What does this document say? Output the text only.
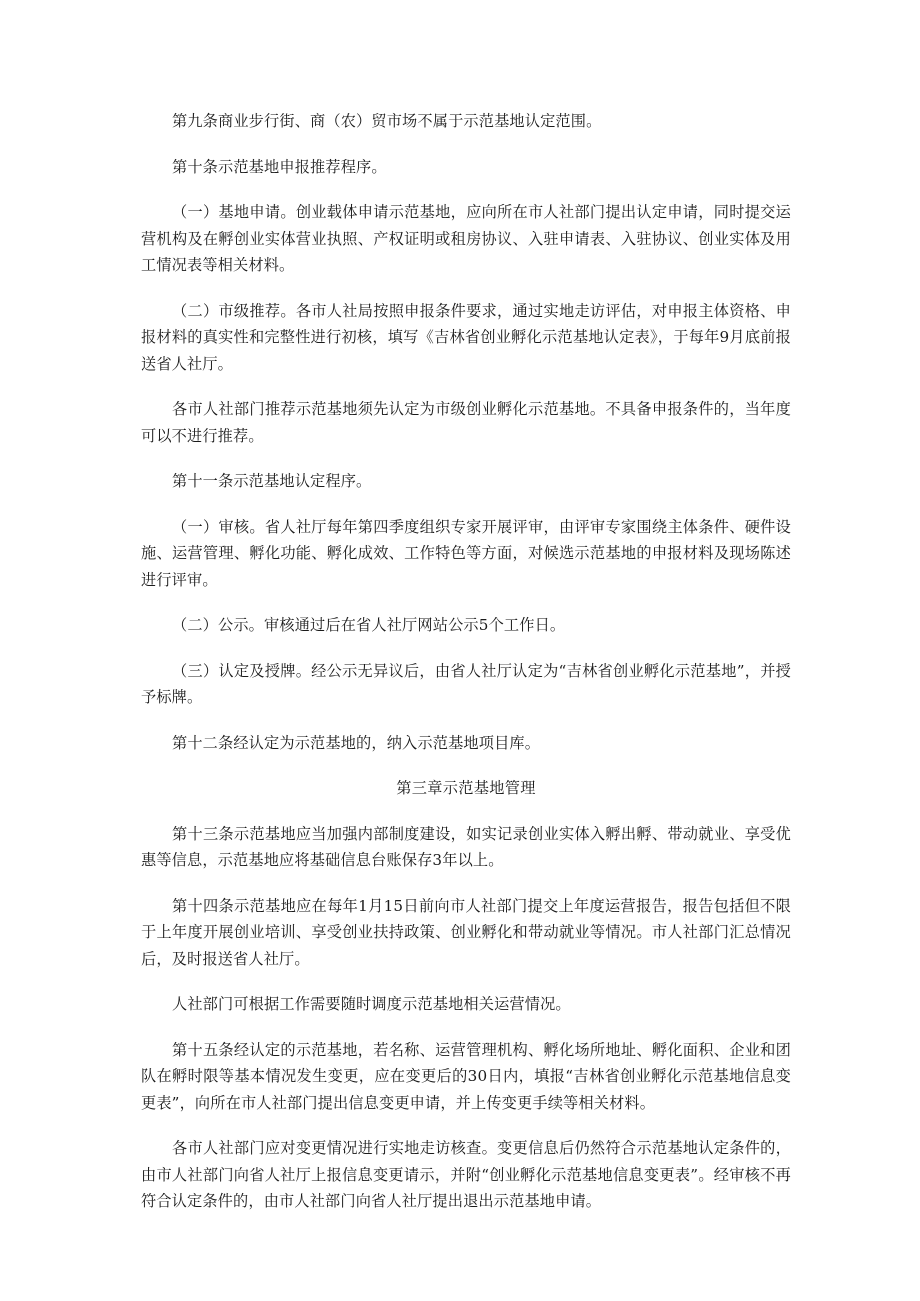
第九条商业步行街、商（农）贸市场不属于示范基地认定范围。

第十条示范基地申报推荐程序。

（一）基地申请。创业载体申请示范基地，应向所在市人社部门提出认定申请，同时提交运营机构及在孵创业实体营业执照、产权证明或租房协议、入驻申请表、入驻协议、创业实体及用工情况表等相关材料。

（二）市级推荐。各市人社局按照申报条件要求，通过实地走访评估，对申报主体资格、申报材料的真实性和完整性进行初核，填写《吉林省创业孵化示范基地认定表》，于每年9月底前报送省人社厅。

各市人社部门推荐示范基地须先认定为市级创业孵化示范基地。不具备申报条件的，当年度可以不进行推荐。

第十一条示范基地认定程序。

（一）审核。省人社厅每年第四季度组织专家开展评审，由评审专家围绕主体条件、硬件设施、运营管理、孵化功能、孵化成效、工作特色等方面，对候选示范基地的申报材料及现场陈述进行评审。

（二）公示。审核通过后在省人社厅网站公示5个工作日。

（三）认定及授牌。经公示无异议后，由省人社厅认定为“吉林省创业孵化示范基地”，并授予标牌。

第十二条经认定为示范基地的，纳入示范基地项目库。

第三章示范基地管理

第十三条示范基地应当加强内部制度建设，如实记录创业实体入孵出孵、带动就业、享受优惠等信息，示范基地应将基础信息台账保存3年以上。

第十四条示范基地应在每年1月15日前向市人社部门提交上年度运营报告，报告包括但不限于上年度开展创业培训、享受创业扶持政策、创业孵化和带动就业等情况。市人社部门汇总情况后，及时报送省人社厅。

人社部门可根据工作需要随时调度示范基地相关运营情况。

第十五条经认定的示范基地，若名称、运营管理机构、孵化场所地址、孵化面积、企业和团队在孵时限等基本情况发生变更，应在变更后的30日内，填报“吉林省创业孵化示范基地信息变更表”，向所在市人社部门提出信息变更申请，并上传变更手续等相关材料。

各市人社部门应对变更情况进行实地走访核查。变更信息后仍然符合示范基地认定条件的，由市人社部门向省人社厅上报信息变更请示，并附“创业孵化示范基地信息变更表”。经审核不再符合认定条件的，由市人社部门向省人社厅提出退出示范基地申请。
